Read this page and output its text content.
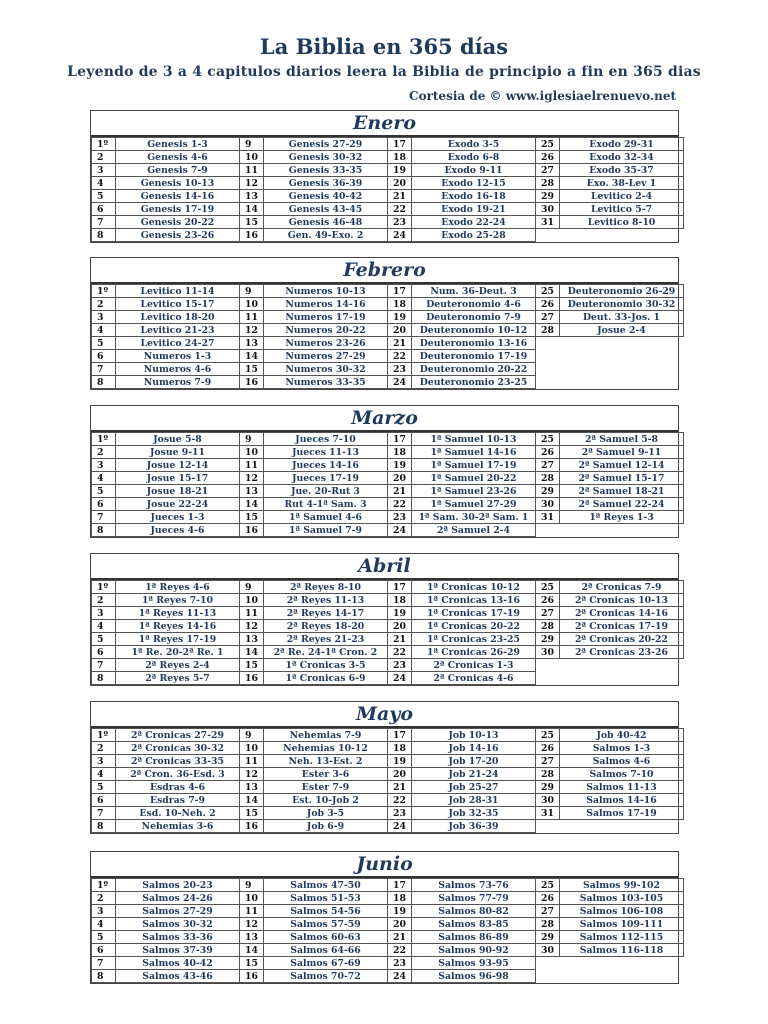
La Biblia en 365 días
Leyendo de 3 a 4 capitulos diarios leera la Biblia de principio a fin en 365 dias
Cortesia de © www.iglesiaelrenuevo.net
Enero
1º	Genesis 1-3	9	Genesis 27-29	17	Exodo 3-5	25	Exodo 29-31
2	Genesis 4-6	10	Genesis 30-32	18	Exodo 6-8	26	Exodo 32-34
3	Genesis 7-9	11	Genesis 33-35	19	Exodo 9-11	27	Exodo 35-37
4	Genesis 10-13	12	Genesis 36-39	20	Exodo 12-15	28	Exo. 38-Lev 1
5	Genesis 14-16	13	Genesis 40-42	21	Exodo 16-18	29	Levitico 2-4
6	Genesis 17-19	14	Genesis 43-45	22	Exodo 19-21	30	Levitico 5-7
7	Genesis 20-22	15	Genesis 46-48	23	Exodo 22-24	31	Levitico 8-10
8	Genesis 23-26	16	Gen. 49-Exo. 2	24	Exodo 25-28		
Febrero
1º	Levitico 11-14	9	Numeros 10-13	17	Num. 36-Deut. 3	25	Deuteronomio 26-29
2	Levitico 15-17	10	Numeros 14-16	18	Deuteronomio 4-6	26	Deuteronomio 30-32
3	Levitico 18-20	11	Numeros 17-19	19	Deuteronomio 7-9	27	Deut. 33-Jos. 1
4	Levitico 21-23	12	Numeros 20-22	20	Deuteronomio 10-12	28	Josue 2-4
5	Levitico 24-27	13	Numeros 23-26	21	Deuteronomio 13-16		
6	Numeros 1-3	14	Numeros 27-29	22	Deuteronomio 17-19		
7	Numeros 4-6	15	Numeros 30-32	23	Deuteronomio 20-22		
8	Numeros 7-9	16	Numeros 33-35	24	Deuteronomio 23-25		
Marzo
1º	Josue 5-8	9	Jueces 7-10	17	1ª Samuel 10-13	25	2ª Samuel 5-8
2	Josue 9-11	10	Jueces 11-13	18	1ª Samuel 14-16	26	2ª Samuel 9-11
3	Josue 12-14	11	Jueces 14-16	19	1ª Samuel 17-19	27	2ª Samuel 12-14
4	Josue 15-17	12	Jueces 17-19	20	1ª Samuel 20-22	28	2ª Samuel 15-17
5	Josue 18-21	13	Jue. 20-Rut 3	21	1ª Samuel 23-26	29	2ª Samuel 18-21
6	Josue 22-24	14	Rut 4-1ª Sam. 3	22	1ª Samuel 27-29	30	2ª Samuel 22-24
7	Jueces 1-3	15	1ª Samuel 4-6	23	1ª Sam. 30-2ª Sam. 1	31	1ª Reyes 1-3
8	Jueces 4-6	16	1ª Samuel 7-9	24	2ª Samuel 2-4		
Abril
1º	1ª Reyes 4-6	9	2ª Reyes 8-10	17	1ª Cronicas 10-12	25	2ª Cronicas 7-9
2	1ª Reyes 7-10	10	2ª Reyes 11-13	18	1ª Cronicas 13-16	26	2ª Cronicas 10-13
3	1ª Reyes 11-13	11	2ª Reyes 14-17	19	1ª Cronicas 17-19	27	2ª Cronicas 14-16
4	1ª Reyes 14-16	12	2ª Reyes 18-20	20	1ª Cronicas 20-22	28	2ª Cronicas 17-19
5	1ª Reyes 17-19	13	2ª Reyes 21-23	21	1ª Cronicas 23-25	29	2ª Cronicas 20-22
6	1ª Re. 20-2ª Re. 1	14	2ª Re. 24-1ª Cron. 2	22	1ª Cronicas 26-29	30	2ª Cronicas 23-26
7	2ª Reyes 2-4	15	1ª Cronicas 3-5	23	2ª Cronicas 1-3		
8	2ª Reyes 5-7	16	1ª Cronicas 6-9	24	2ª Cronicas 4-6		
Mayo
1º	2ª Cronicas 27-29	9	Nehemias 7-9	17	Job 10-13	25	Job 40-42
2	2ª Cronicas 30-32	10	Nehemias 10-12	18	Job 14-16	26	Salmos 1-3
3	2ª Cronicas 33-35	11	Neh. 13-Est. 2	19	Job 17-20	27	Salmos 4-6
4	2ª Cron. 36-Esd. 3	12	Ester 3-6	20	Job 21-24	28	Salmos 7-10
5	Esdras 4-6	13	Ester 7-9	21	Job 25-27	29	Salmos 11-13
6	Esdras 7-9	14	Est. 10-Job 2	22	Job 28-31	30	Salmos 14-16
7	Esd. 10-Neh. 2	15	Job 3-5	23	Job 32-35	31	Salmos 17-19
8	Nehemias 3-6	16	Job 6-9	24	Job 36-39		
Junio
1º	Salmos 20-23	9	Salmos 47-50	17	Salmos 73-76	25	Salmos 99-102
2	Salmos 24-26	10	Salmos 51-53	18	Salmos 77-79	26	Salmos 103-105
3	Salmos 27-29	11	Salmos 54-56	19	Salmos 80-82	27	Salmos 106-108
4	Salmos 30-32	12	Salmos 57-59	20	Salmos 83-85	28	Salmos 109-111
5	Salmos 33-36	13	Salmos 60-63	21	Salmos 86-89	29	Salmos 112-115
6	Salmos 37-39	14	Salmos 64-66	22	Salmos 90-92	30	Salmos 116-118
7	Salmos 40-42	15	Salmos 67-69	23	Salmos 93-95		
8	Salmos 43-46	16	Salmos 70-72	24	Salmos 96-98		
